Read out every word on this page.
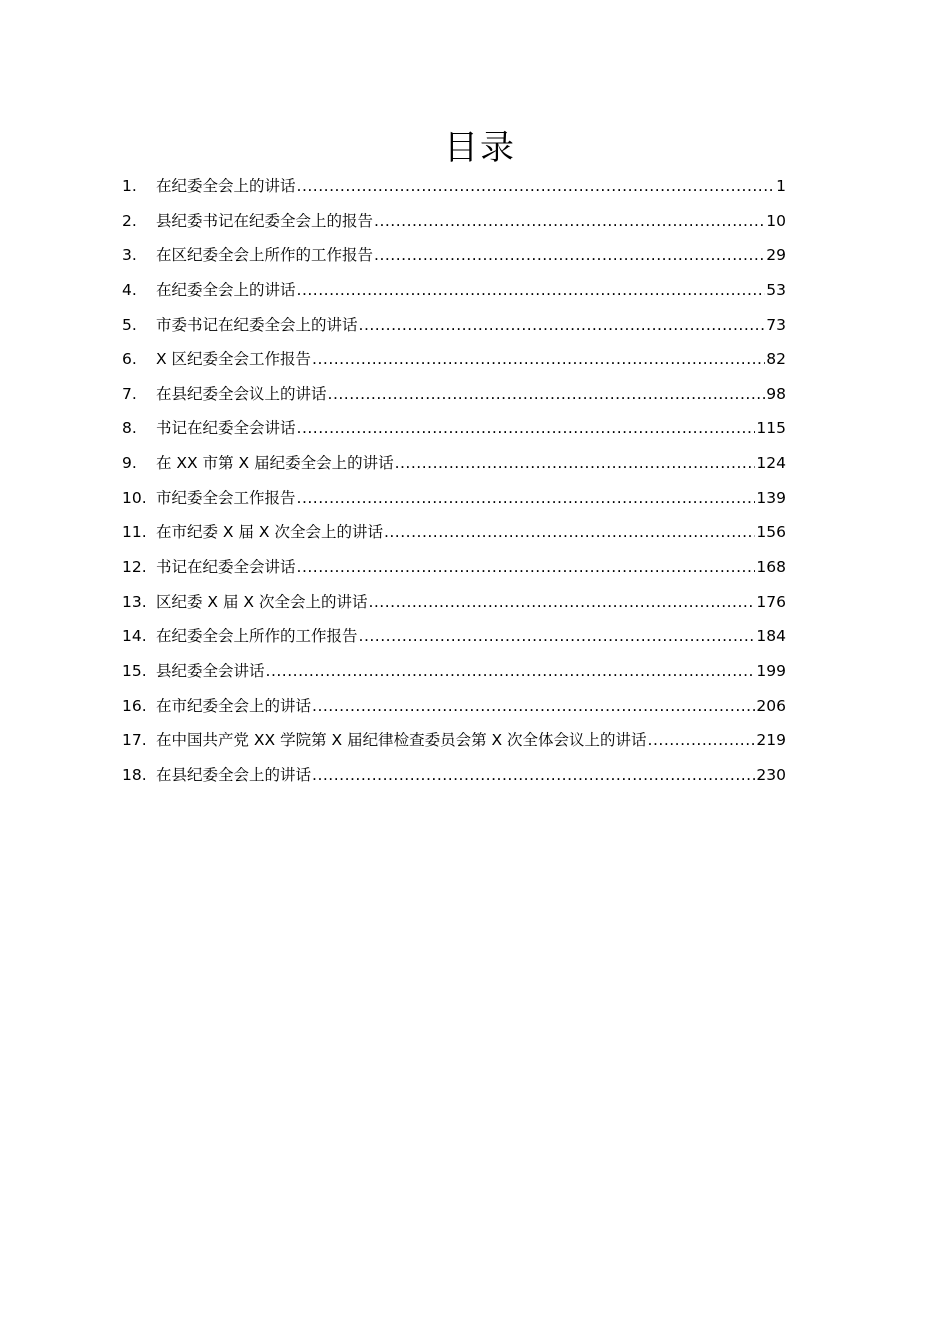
目录
1.	在纪委全会上的讲话 .....	1
2.	县纪委书记在纪委全会上的报告 .....	10
3.	在区纪委全会上所作的工作报告 .....	29
4.	在纪委全会上的讲话 .....	53
5.	市委书记在纪委全会上的讲话 .....	73
6.	X 区纪委全会工作报告 .....	82
7.	在县纪委全会议上的讲话 .....	98
8.	书记在纪委全会讲话 .....	115
9.	在 XX 市第 X 届纪委全会上的讲话 .....	124
10. 市纪委全会工作报告 .....	139
11. 在市纪委 X 届 X 次全会上的讲话 .....	156
12. 书记在纪委全会讲话 .....	168
13. 区纪委 X 届 X 次全会上的讲话 .....	176
14. 在纪委全会上所作的工作报告 .....	184
15. 县纪委全会讲话 .....	199
16. 在市纪委全会上的讲话 .....	206
17. 在中国共产党 XX 学院第 X 届纪律检查委员会第 X 次全体会议上的讲话 .....	219
18. 在县纪委全会上的讲话 .....	230
